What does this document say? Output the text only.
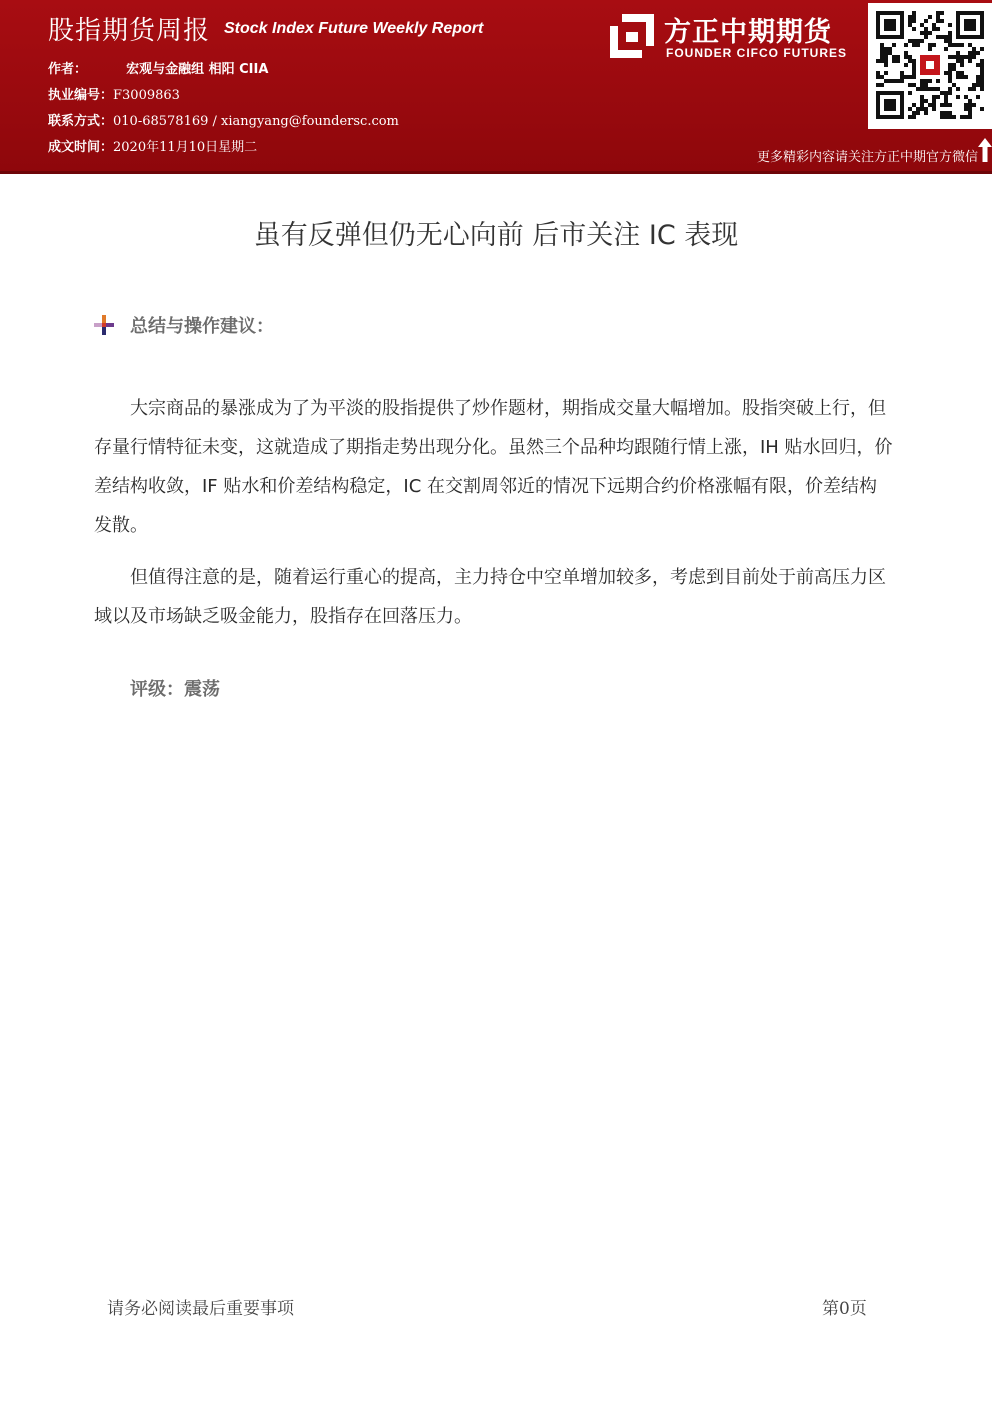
股指期货周报 Stock Index Future Weekly Report
作者：	宏观与金融组 相阳 CIIA
执业编号：F3009863
联系方式：010-68578169 / xiangyang@foundersc.com
成文时间：2020年11月10日星期二
方正中期期货
FOUNDER CIFCO FUTURES
更多精彩内容请关注方正中期官方微信
虽有反弹但仍无心向前 后市关注 IC 表现
总结与操作建议：

大宗商品的暴涨成为了为平淡的股指提供了炒作题材，期指成交量大幅增加。股指突破上行，但存量行情特征未变，这就造成了期指走势出现分化。虽然三个品种均跟随行情上涨，IH 贴水回归，价差结构收敛，IF 贴水和价差结构稳定，IC 在交割周邻近的情况下远期合约价格涨幅有限，价差结构发散。

但值得注意的是，随着运行重心的提高，主力持仓中空单增加较多，考虑到目前处于前高压力区域以及市场缺乏吸金能力，股指存在回落压力。

评级：震荡
请务必阅读最后重要事项	第0页
